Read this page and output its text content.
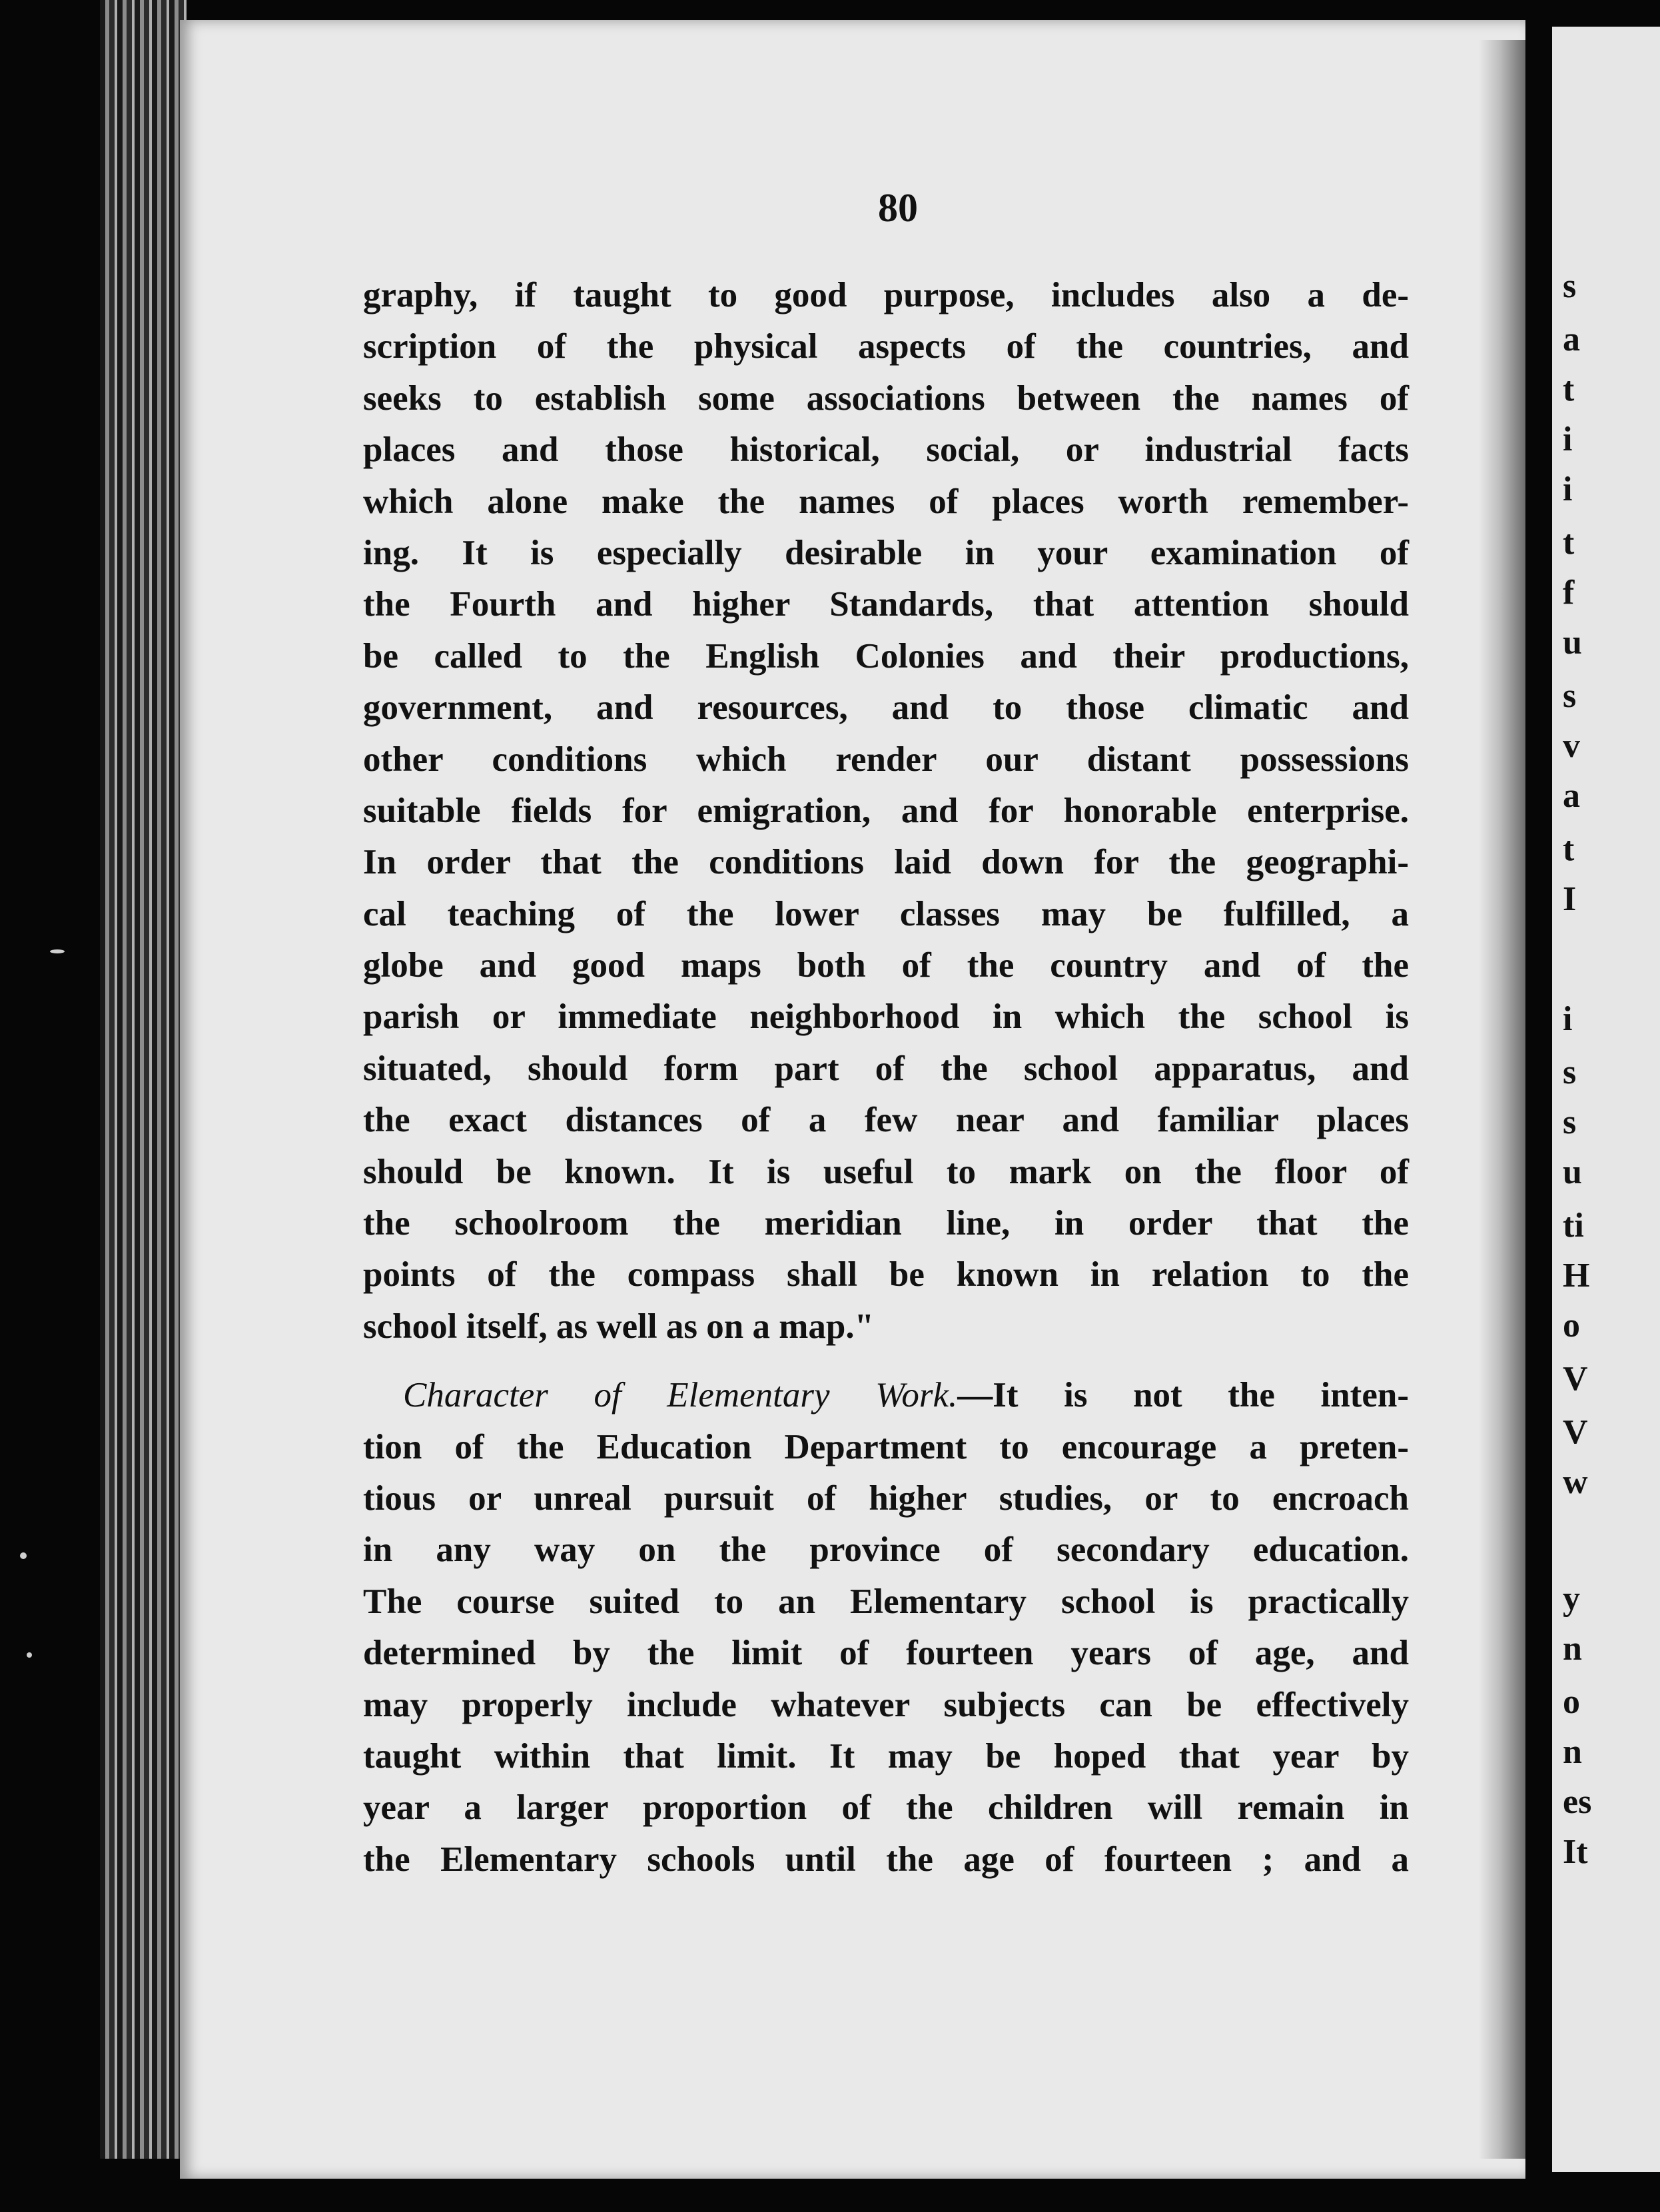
s
a
t
i
i
t
f
u
s
v
a
t
I
i
s
s
u
ti
H
o
V
V
w
y
n
o
n
es
It
80
graphy, if taught to good purpose, includes also a de-
scription of the physical aspects of the countries, and
seeks to establish some associations between the names of
places and those historical, social, or industrial facts
which alone make the names of places worth remember-
ing. It is especially desirable in your examination of
the Fourth and higher Standards, that attention should
be called to the English Colonies and their productions,
government, and resources, and to those climatic and
other conditions which render our distant possessions
suitable fields for emigration, and for honorable enterprise.
In order that the conditions laid down for the geographi-
cal teaching of the lower classes may be fulfilled, a
globe and good maps both of the country and of the
parish or immediate neighborhood in which the school is
situated, should form part of the school apparatus, and
the exact distances of a few near and familiar places
should be known. It is useful to mark on the floor of
the schoolroom the meridian line, in order that the
points of the compass shall be known in relation to the
school itself, as well as on a map."
Character of Elementary Work.—It is not the inten-
tion of the Education Department to encourage a preten-
tious or unreal pursuit of higher studies, or to encroach
in any way on the province of secondary education.
The course suited to an Elementary school is practically
determined by the limit of fourteen years of age, and
may properly include whatever subjects can be effectively
taught within that limit. It may be hoped that year by
year a larger proportion of the children will remain in
the Elementary schools until the age of fourteen ; and a
